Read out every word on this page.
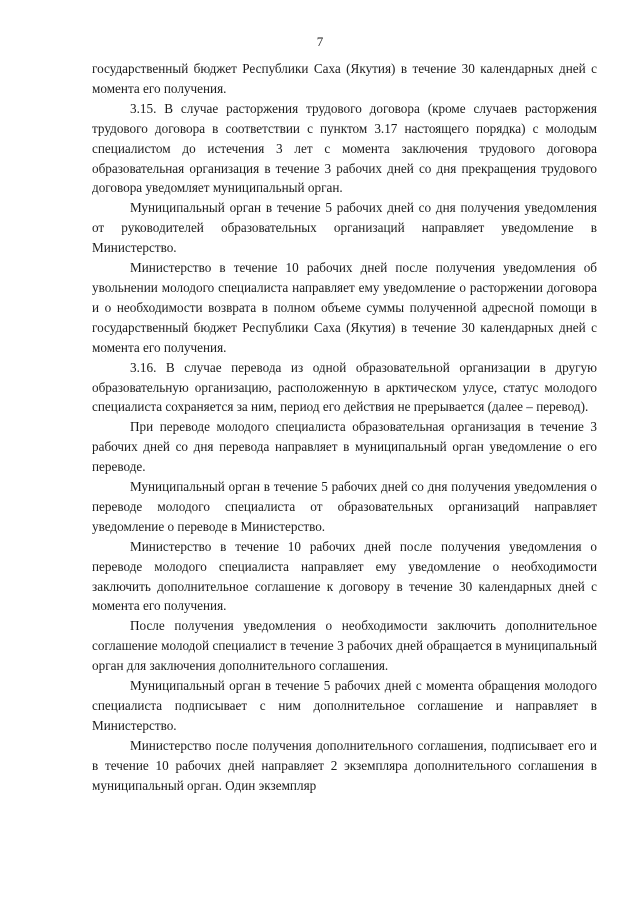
7

государственный бюджет Республики Саха (Якутия) в течение 30 календарных дней с момента его получения.

3.15. В случае расторжения трудового договора (кроме случаев расторжения трудового договора в соответствии с пунктом 3.17 настоящего порядка) с молодым специалистом до истечения 3 лет с момента заключения трудового договора образовательная организация в течение 3 рабочих дней со дня прекращения трудового договора уведомляет муниципальный орган.

Муниципальный орган в течение 5 рабочих дней со дня получения уведомления от руководителей образовательных организаций направляет уведомление в Министерство.

Министерство в течение 10 рабочих дней после получения уведомления об увольнении молодого специалиста направляет ему уведомление о расторжении договора и о необходимости возврата в полном объеме суммы полученной адресной помощи в государственный бюджет Республики Саха (Якутия) в течение 30 календарных дней с момента его получения.

3.16. В случае перевода из одной образовательной организации в другую образовательную организацию, расположенную в арктическом улусе, статус молодого специалиста сохраняется за ним, период его действия не прерывается (далее – перевод).

При переводе молодого специалиста образовательная организация в течение 3 рабочих дней со дня перевода направляет в муниципальный орган уведомление о его переводе.

Муниципальный орган в течение 5 рабочих дней со дня получения уведомления о переводе молодого специалиста от образовательных организаций направляет уведомление о переводе в Министерство.

Министерство в течение 10 рабочих дней после получения уведомления о переводе молодого специалиста направляет ему уведомление о необходимости заключить дополнительное соглашение к договору в течение 30 календарных дней с момента его получения.

После получения уведомления о необходимости заключить дополнительное соглашение молодой специалист в течение 3 рабочих дней обращается в муниципальный орган для заключения дополнительного соглашения.

Муниципальный орган в течение 5 рабочих дней с момента обращения молодого специалиста подписывает с ним дополнительное соглашение и направляет в Министерство.

Министерство после получения дополнительного соглашения, подписывает его и в течение 10 рабочих дней направляет 2 экземпляра дополнительного соглашения в муниципальный орган. Один экземпляр
